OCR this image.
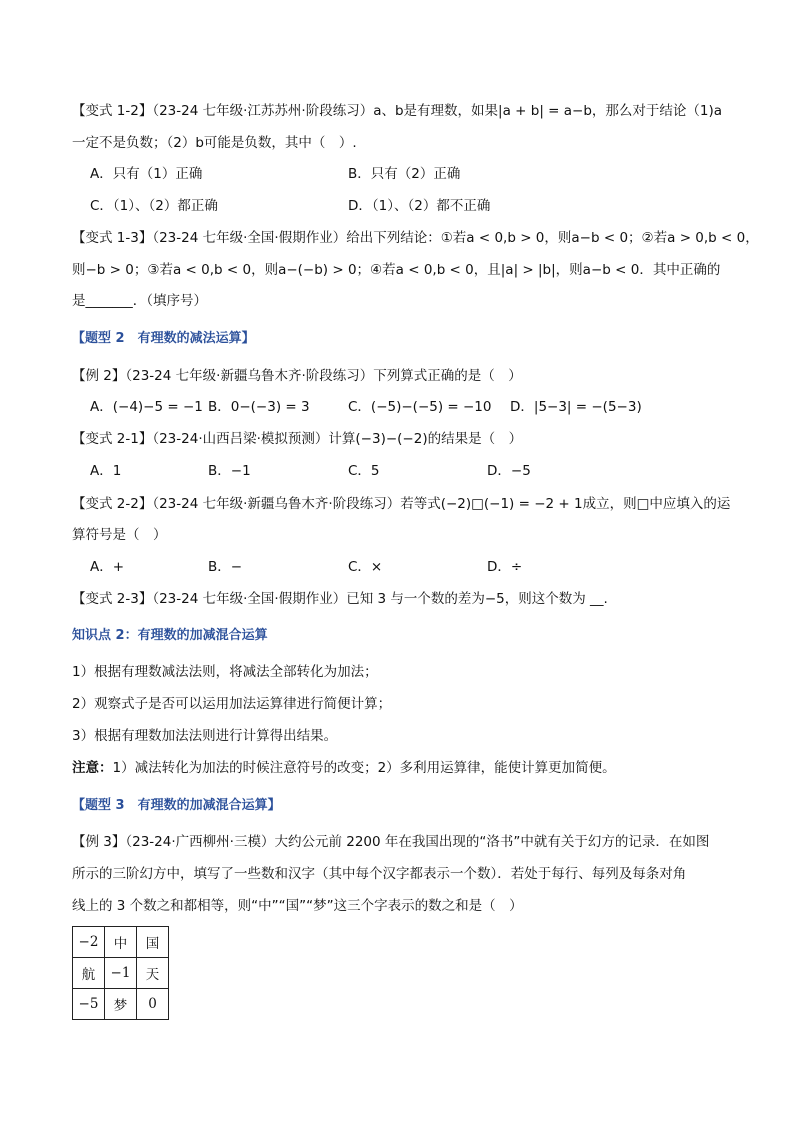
【变式 1-2】（23-24 七年级·江苏苏州·阶段练习）a、b是有理数，如果|a + b| = a−b，那么对于结论（1)a
一定不是负数；（2）b可能是负数，其中（　）.
A．只有（1）正确	B．只有（2）正确
C．（1）、（2）都正确	D．（1）、（2）都不正确
【变式 1-3】（23-24 七年级·全国·假期作业）给出下列结论：①若a < 0,b > 0，则a−b < 0；②若a > 0,b < 0，
则−b > 0；③若a < 0,b < 0，则a−(−b) > 0；④若a < 0,b < 0，且|a| > |b|，则a−b < 0．其中正确的
是_______．（填序号）
【题型 2　有理数的减法运算】
【例 2】（23-24 七年级·新疆乌鲁木齐·阶段练习）下列算式正确的是（　）
A．(−4)−5 = −1 B．0−(−3) = 3	C．(−5)−(−5) = −10 D．|5−3| = −(5−3)
【变式 2-1】（23-24·山西吕梁·模拟预测）计算(−3)−(−2)的结果是（　）
A．1	B．−1	C．5	D．−5
【变式 2-2】（23-24 七年级·新疆乌鲁木齐·阶段练习）若等式(−2)□(−1) = −2 + 1成立，则□中应填入的运
算符号是（　）
A．+	B．−	C．×	D．÷
【变式 2-3】（23-24 七年级·全国·假期作业）已知 3 与一个数的差为−5，则这个数为 __.
知识点 2：有理数的加减混合运算
1）根据有理数减法法则，将减法全部转化为加法；
2）观察式子是否可以运用加法运算律进行简便计算；
3）根据有理数加法法则进行计算得出结果。
注意：1）减法转化为加法的时候注意符号的改变；2）多利用运算律，能使计算更加简便。
【题型 3　有理数的加减混合运算】
【例 3】（23-24·广西柳州·三模）大约公元前 2200 年在我国出现的“洛书”中就有关于幻方的记录．在如图
所示的三阶幻方中，填写了一些数和汉字（其中每个汉字都表示一个数）．若处于每行、每列及每条对角
线上的 3 个数之和都相等，则“中”“国”“梦”这三个字表示的数之和是（　）
−2	中	国
航	−1	天
−5	梦	0
